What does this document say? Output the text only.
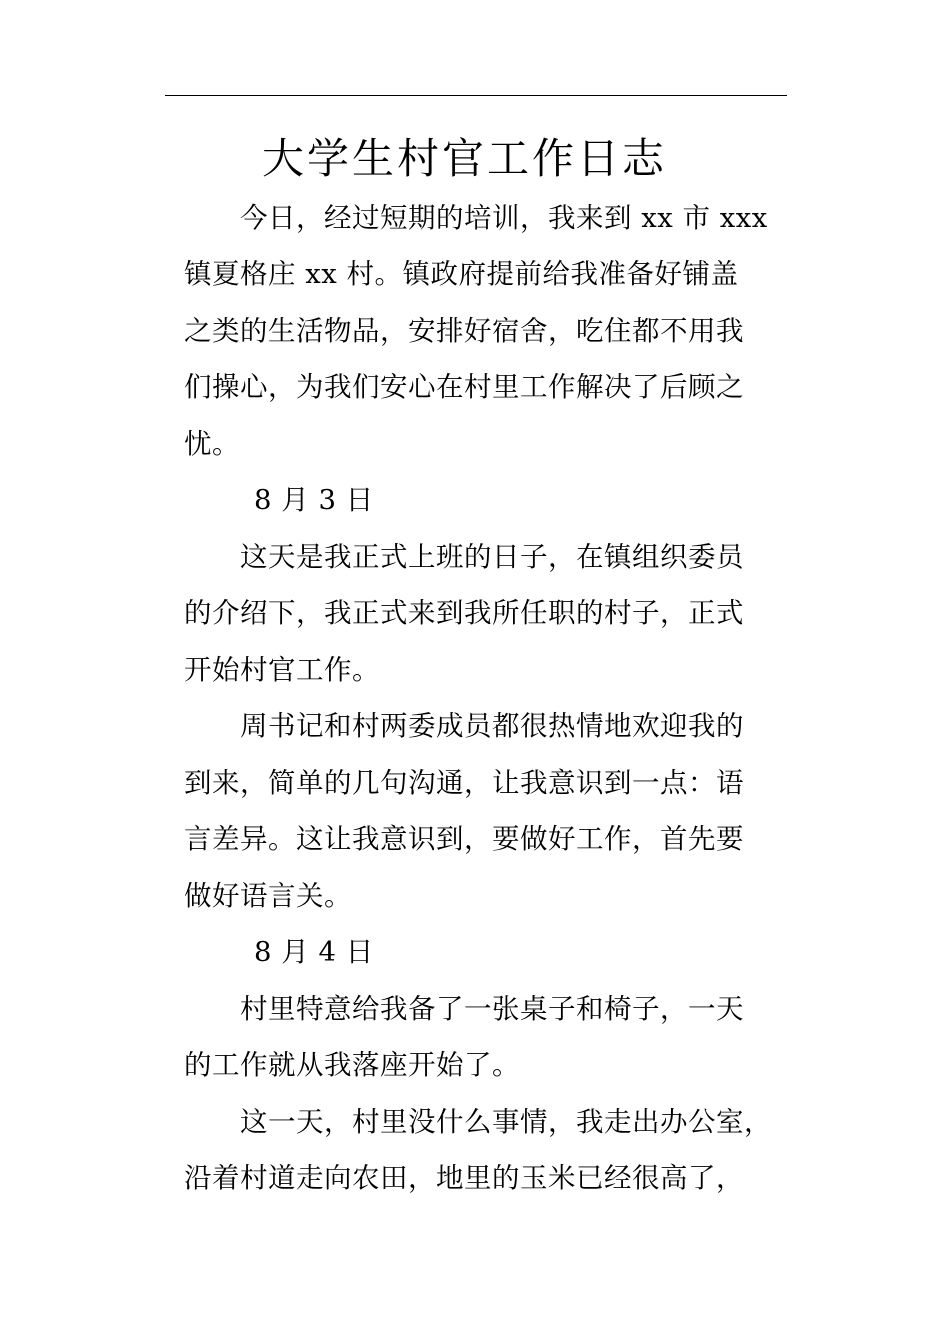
大学生村官工作日志
今日，经过短期的培训，我来到 xx 市 xxx
镇夏格庄 xx 村。镇政府提前给我准备好铺盖
之类的生活物品，安排好宿舍，吃住都不用我
们操心，为我们安心在村里工作解决了后顾之
忧。
8 月 3 日
这天是我正式上班的日子，在镇组织委员
的介绍下，我正式来到我所任职的村子，正式
开始村官工作。
周书记和村两委成员都很热情地欢迎我的
到来，简单的几句沟通，让我意识到一点：语
言差异。这让我意识到，要做好工作，首先要
做好语言关。
8 月 4 日
村里特意给我备了一张桌子和椅子，一天
的工作就从我落座开始了。
这一天，村里没什么事情，我走出办公室，
沿着村道走向农田，地里的玉米已经很高了，
